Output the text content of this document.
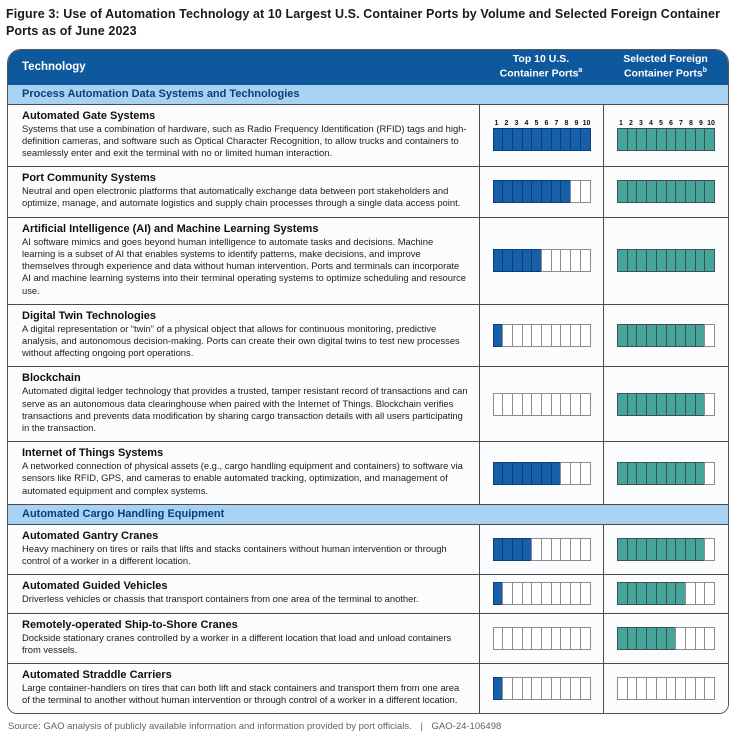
Figure 3: Use of Automation Technology at 10 Largest U.S. Container Ports by Volume and Selected Foreign Container Ports as of June 2023
Technology
Top 10 U.S.
Container Ports$^a$
Selected Foreign
Container Ports$^b$
Process Automation Data Systems and Technologies
Automated Gate Systems
Systems that use a combination of hardware, such as Radio Frequency Identification (RFID) tags and high-definition cameras, and software such as Optical Character Recognition, to allow trucks and containers to seamlessly enter and exit the terminal with no or limited human interaction.
1 2 3 4 5 6 7 8 9 10	1 2 3 4 5 6 7 8 9 10
Port Community Systems
Neutral and open electronic platforms that automatically exchange data between port stakeholders and optimize, manage, and automate logistics and supply chain processes through a single data access point.
Artificial Intelligence (AI) and Machine Learning Systems
AI software mimics and goes beyond human intelligence to automate tasks and decisions. Machine learning is a subset of AI that enables systems to identify patterns, make decisions, and improve themselves through experience and data without human intervention. Ports and terminals can incorporate AI and machine learning systems into their terminal operating systems to optimize scheduling and resource use.
Digital Twin Technologies
A digital representation or “twin” of a physical object that allows for continuous monitoring, predictive analysis, and autonomous decision-making. Ports can create their own digital twins to test new processes without affecting ongoing port operations.
Blockchain
Automated digital ledger technology that provides a trusted, tamper resistant record of transactions and can serve as an autonomous data clearinghouse when paired with the Internet of Things. Blockchain verifies transactions and prevents data modification by sharing cargo transaction details with all users participating in the transaction.
Internet of Things Systems
A networked connection of physical assets (e.g., cargo handling equipment and containers) to software via sensors like RFID, GPS, and cameras to enable automated tracking, optimization, and management of automated equipment and complex systems.
Automated Cargo Handling Equipment
Automated Gantry Cranes
Heavy machinery on tires or rails that lifts and stacks containers without human intervention or through control of a worker in a different location.
Automated Guided Vehicles
Driverless vehicles or chassis that transport containers from one area of the terminal to another.
Remotely-operated Ship-to-Shore Cranes
Dockside stationary cranes controlled by a worker in a different location that load and unload containers from vessels.
Automated Straddle Carriers
Large container-handlers on tires that can both lift and stack containers and transport them from one area of the terminal to another without human intervention or through control of a worker in a different location.
Source: GAO analysis of publicly available information and information provided by port officials. | GAO-24-106498
